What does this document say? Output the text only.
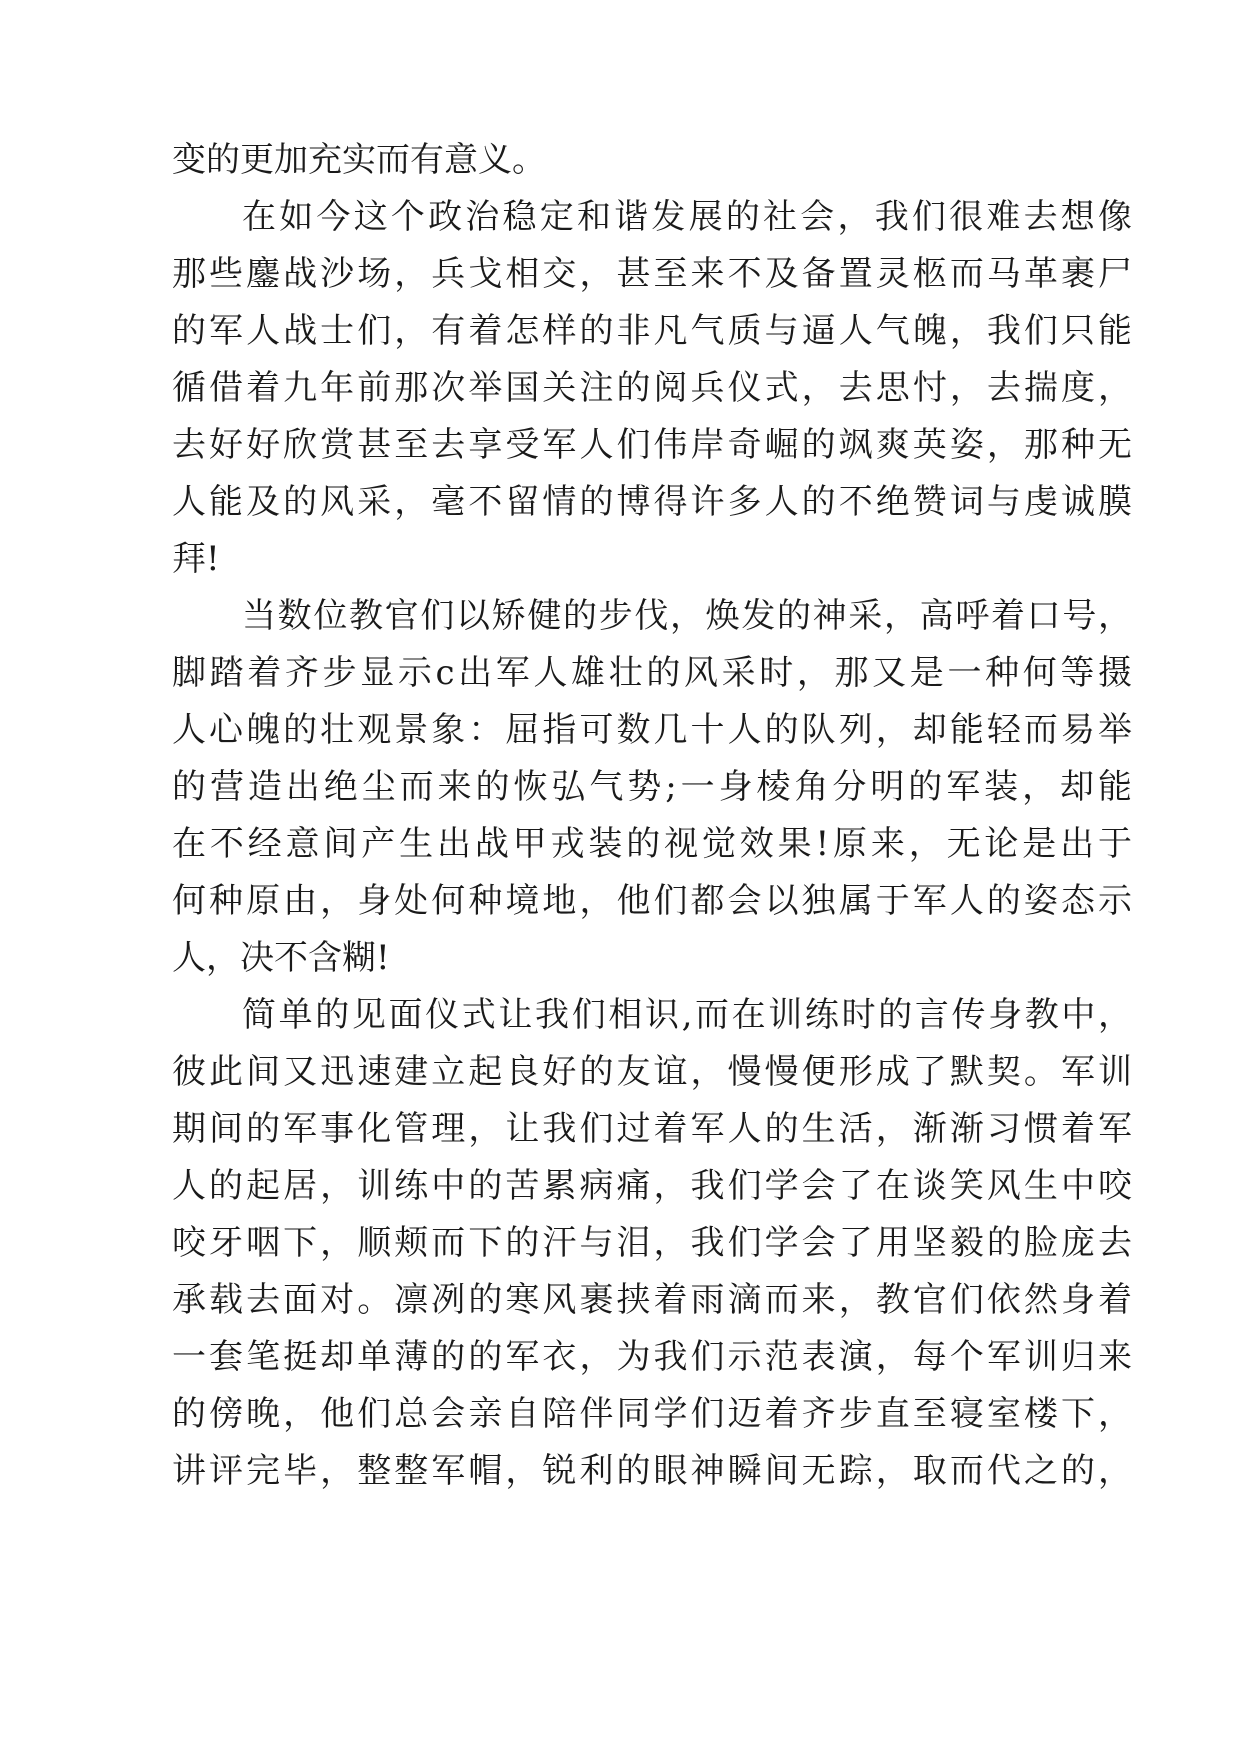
变的更加充实而有意义。
在如今这个政治稳定和谐发展的社会，我们很难去想像
那些鏖战沙场，兵戈相交，甚至来不及备置灵柩而马革裹尸
的军人战士们，有着怎样的非凡气质与逼人气魄，我们只能
循借着九年前那次举国关注的阅兵仪式，去思忖，去揣度，
去好好欣赏甚至去享受军人们伟岸奇崛的飒爽英姿，那种无
人能及的风采，毫不留情的博得许多人的不绝赞词与虔诚膜
拜!
当数位教官们以矫健的步伐，焕发的神采，高呼着口号，
脚踏着齐步显示c出军人雄壮的风采时，那又是一种何等摄
人心魄的壮观景象：屈指可数几十人的队列，却能轻而易举
的营造出绝尘而来的恢弘气势;一身棱角分明的军装，却能
在不经意间产生出战甲戎装的视觉效果!原来，无论是出于
何种原由，身处何种境地，他们都会以独属于军人的姿态示
人，决不含糊!
简单的见面仪式让我们相识,而在训练时的言传身教中，
彼此间又迅速建立起良好的友谊，慢慢便形成了默契。军训
期间的军事化管理，让我们过着军人的生活，渐渐习惯着军
人的起居，训练中的苦累病痛，我们学会了在谈笑风生中咬
咬牙咽下，顺颊而下的汗与泪，我们学会了用坚毅的脸庞去
承载去面对。凛冽的寒风裹挟着雨滴而来，教官们依然身着
一套笔挺却单薄的的军衣，为我们示范表演，每个军训归来
的傍晚，他们总会亲自陪伴同学们迈着齐步直至寝室楼下，
讲评完毕，整整军帽，锐利的眼神瞬间无踪，取而代之的，
